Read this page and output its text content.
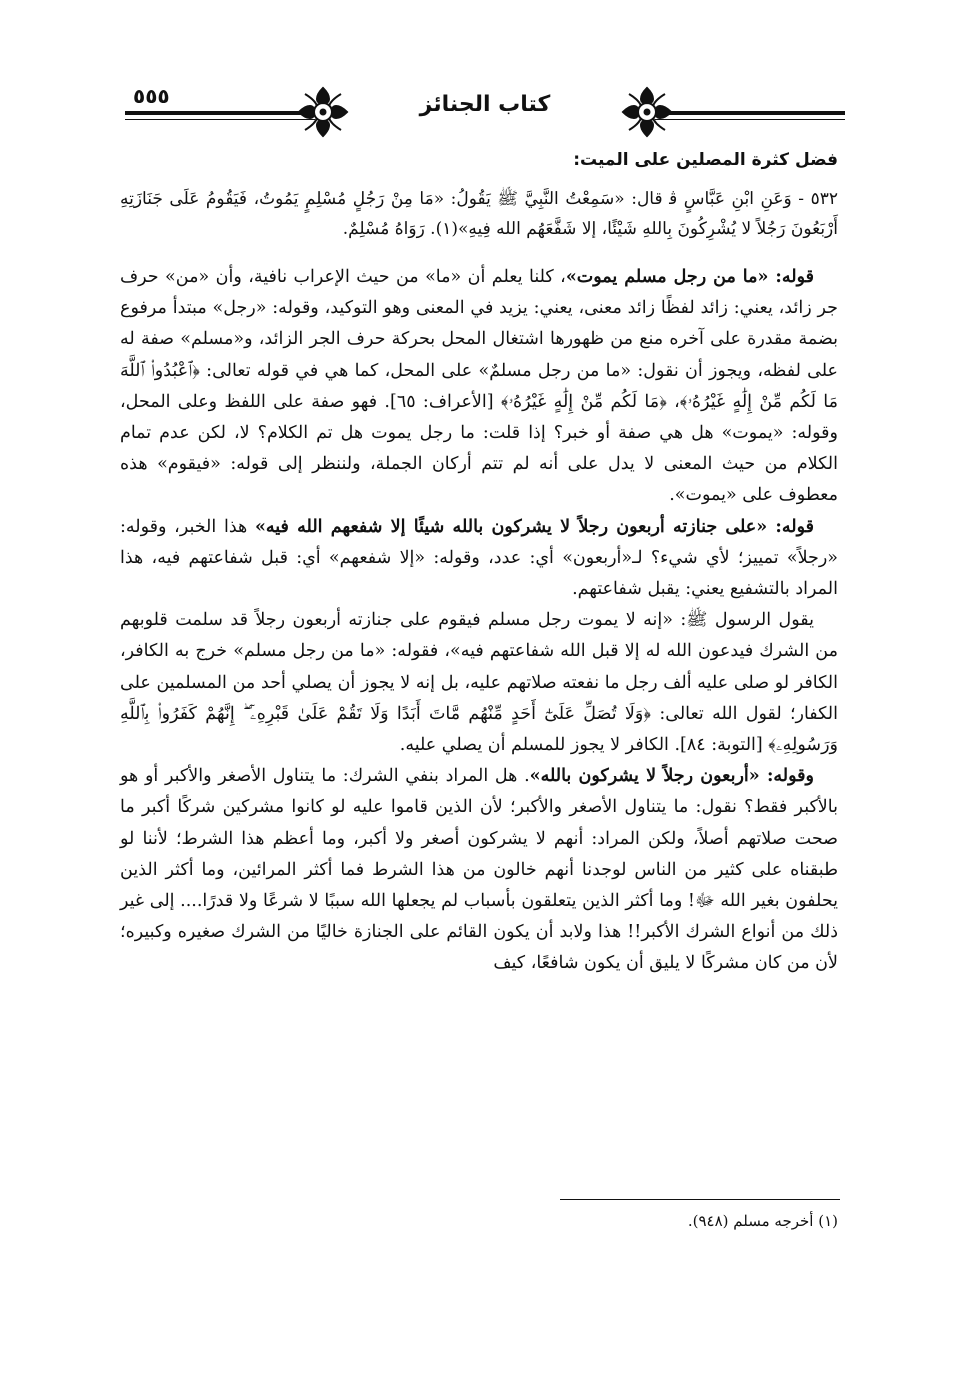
٥٥٥	كتاب الجنائز
فضل كثرة المصلين على الميت:

٥٣٢ - وَعَنِ ابْنِ عَبَّاسٍ ﭬ قال: «سَمِعْتُ النَّبِيَّ ﷺ يَقُولُ: «مَا مِنْ رَجُلٍ مُسْلِمٍ يَمُوتُ، فَيَقُومُ عَلَى جَنَازَتِهِ أَرْبَعُونَ رَجُلاً لا يُشْرِكُونَ بِاللهِ شَيْئًا، إلا شَفَّعَهُم الله فِيهِ»(١). رَوَاهُ مُسْلِمٌ.

قوله: «ما من رجل مسلم يموت»، كلنا يعلم أن «ما» من حيث الإعراب نافية، وأن «من» حرف جر زائد، يعني: زائد لفظًا زائد معنى، يعني: يزيد في المعنى وهو التوكيد، وقوله: «رجل» مبتدأ مرفوع بضمة مقدرة على آخره منع من ظهورها اشتغال المحل بحركة حرف الجر الزائد، و«مسلم» صفة له على لفظه، ويجوز أن نقول: «ما من رجل مسلمٌ» على المحل، كما هي في قوله تعالى: ﴿ٱعْبُدُوا۟ ٱللَّهَ مَا لَكُم مِّنْ إِلَٰهٍ غَيْرُهُۥ﴾، ﴿مَا لَكُم مِّنْ إِلَٰهٍ غَيْرُهُۥ﴾ [الأعراف: ٦٥]. فهو صفة على اللفظ وعلى المحل، وقوله: «يموت» هل هي صفة أو خبر؟ إذا قلت: ما رجل يموت هل تم الكلام؟ لا، لكن عدم تمام الكلام من حيث المعنى لا يدل على أنه لم تتم أركان الجملة، ولننظر إلى قوله: «فيقوم» هذه معطوف على «يموت».

قوله: «على جنازته أربعون رجلاً لا يشركون بالله شيئًا إلا شفعهم الله فيه» هذا الخبر، وقوله: «رجلاً» تمييز؛ لأي شيء؟ لـ«أربعون» أي: عدد، وقوله: «إلا شفعهم» أي: قبل شفاعتهم فيه، هذا المراد بالتشفيع يعني: يقبل شفاعتهم.

يقول الرسول ﷺ: «إنه لا يموت رجل مسلم فيقوم على جنازته أربعون رجلاً قد سلمت قلوبهم من الشرك فيدعون الله له إلا قبل الله شفاعتهم فيه»، فقوله: «ما من رجل مسلم» خرج به الكافر، الكافر لو صلى عليه ألف رجل ما نفعته صلاتهم عليه، بل إنه لا يجوز أن يصلي أحد من المسلمين على الكفار؛ لقول الله تعالى: ﴿وَلَا تُصَلِّ عَلَىٰٓ أَحَدٍ مِّنْهُم مَّاتَ أَبَدًا وَلَا تَقُمْ عَلَىٰ قَبْرِهِۦٓ ۖ إِنَّهُمْ كَفَرُوا۟ بِٱللَّهِ وَرَسُولِهِۦ﴾ [التوبة: ٨٤]. الكافر لا يجوز للمسلم أن يصلي عليه.

وقوله: «أربعون رجلاً لا يشركون بالله». هل المراد بنفي الشرك: ما يتناول الأصغر والأكبر أو هو بالأكبر فقط؟ نقول: ما يتناول الأصغر والأكبر؛ لأن الذين قاموا عليه لو كانوا مشركين شركًا أكبر ما صحت صلاتهم أصلاً، ولكن المراد: أنهم لا يشركون أصغر ولا أكبر، وما أعظم هذا الشرط؛ لأننا لو طبقناه على كثير من الناس لوجدنا أنهم خالون من هذا الشرط فما أكثر المرائين، وما أكثر الذين يحلفون بغير الله ﷻ! وما أكثر الذين يتعلقون بأسباب لم يجعلها الله سببًا لا شرعًا ولا قدرًا.... إلى غير ذلك من أنواع الشرك الأكبر!! هذا ولابد أن يكون القائم على الجنازة خاليًا من الشرك صغيره وكبيره؛ لأن من كان مشركًا لا يليق أن يكون شافعًا، كيف

(١) أخرجه مسلم (٩٤٨).
